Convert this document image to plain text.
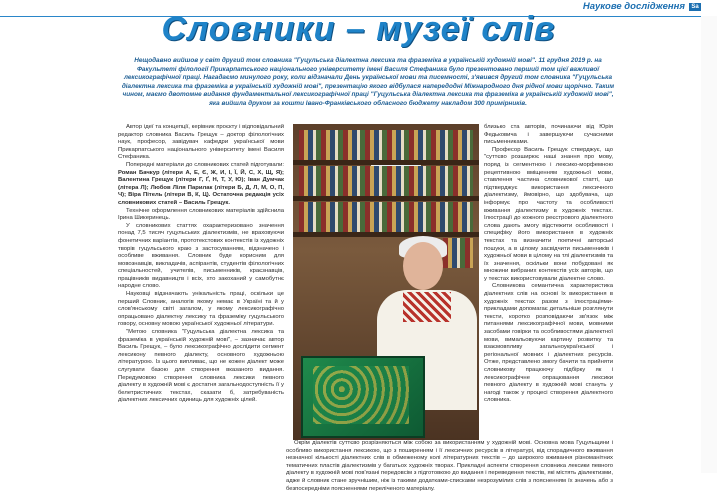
Наукове дослідження	Sa
Словники – музеї слів
Нещодавно вийшов у світ другий том словника "Гуцульська діалектна лексика та фраземіка в українській художній мові". 11 грудня 2019 р. на Факультеті філології Прикарпатського національного університету імені Василя Стефаника було презентовано перший том цієї важливої лексикографічної праці. Нагадаємо минулого року, коли відзначали День української мови та писемності, з'явився другий том словника "Гуцульська діалектна лексика та фраземіка в українській художній мові", презентацію якого відбулася напередодні Міжнародного дня рідної мови щорічно. Таким чином, маємо двотомне видання фундаментальної лексикографічної праці "Гуцульська діалектна лексика та фраземіка в українській художній мові", яка вийшла друком за кошти Івано-Франківського обласного бюджету накладом 300 примірників.

Автор ідеї та концепції, керівник проєкту і відповідальний редактор словника Василь Грещук – доктор філологічних наук, професор, завідувач кафедри української мови Прикарпатського національного університету імені Василя Стефаника.

Попередні матеріали до словникових статей підготували: Роман Бачкур (літери А, Е, Є, Ж, И, І, Ї, Й, С, Х, Щ, Я); Валентина Грещук (літери Г, Ґ, Н, Т, У, Ю); Іван Думчак (літера Л); Любов Ліля Парилак (літери Б, Д, Л, М, О, П, Ч); Віра Пітель (літери В, К, Ц). Остаточна редакція усіх словникових статей – Василь Грещук.

Технічне оформлення словникових матеріалів здійснила Ірина Шикеринець.

У словникових статтях охарактеризовано значення понад 7,5 тисяч гуцульських діалектизмів, не враховуючи фонетичних варіантів, прототекстових контекстів із художніх творів гуцульського краю з застосуванням, відзначено і особливе вживання. Словник буде корисним для мовознавців, викладачів, аспірантів, студентів філологічних спеціальностей, учителів, письменників, краєзнавців, працівників видавництв і всіх, хто закоханий у самобутнє народне слово.

Науковці відзначають унікальність праці, оскільки це перший Словник, аналогів якому немає в Україні та й у слов'янському світі загалом, у якому лексикографічно опрацьовано діалектну лексику та фраземіку гуцульського говору, основну мовою української художньої літератури.

"Метою словника "Гуцульська діалектна лексика та фраземіка в українській художній мові", – зазначає автор Василь Грещук, – було лексикографічно дослідити сегмент лексикону певного діалекту, основного художньою літературою. Із цього випливає, що не кожен діалект може слугувати базою для створення вказаного видання. Передумовою створення словника лексики певного діалекту в художній мові є достатня загальнодоступність її у белетристичних текстах, сказати б, затребуваність діалектних лексичних одиниць для художніх цілей.

близько ста авторів, починаючи від Юрія Федьковича і завершуючи сучасними письменниками.

Професор Василь Грещук стверджує, що "суттєво розширює наші знання про мову, поряд із сегментною і лексико-морфемною рецептивною вміщенням художньої мови, ставлення частина словникової статті, що підтверджує використання лексичного діалектизму, ймовірно, що здобувача, що інформує про частоту та особливості вживання діалектизму в художніх текстах. Ілюстрації до кожного реєстрового діалектного слова дають змогу відстежити особливості і специфіку його використання в художніх текстах та визначити поетичні авторські пошуки, а в цілому засвідчити письменників і художньої мови в цілому на тлі діалектизмів та їх значення, оскільки вони побудовані як множини вибраних контекстів усіх авторів, що у текстах використовували діалектне слово.

Словникова семантична характеристика діалектних слів на основі їх використання в художніх текстах разом з ілюстраціями-прикладами допомагає детальніше розглянути тексти, коротко розповідаючи зв'язок між питаннями лексикографічної мови, мовними засобами говірки та особливостями діалектної мови, вимальовуючи картину розвитку та взаємовпливу загальноукраїнської і регіональної мовних і діалектних ресурсів. Отже, представлено змогу бачити та прийняти словникову працюючу підбірку як і лексикографічне опрацювання лексики певного діалекту в художній мові стануть у нагоді також у процесі створення діалектного словника.

Окрім діалектів суттєво розрізняються між собою за використанням у художній мові. Основна мова Гуцульщини і особливо використання лексикою, що з поширенням і її лексичних ресурсів в літературі, від спорадичного вживання незначної кількості діалектних слів в обмеженому колі літературних текстів – до широкого вживання різноманітних тематичних пластів діалектизмів у багатьох художніх творах. Прикладні аспекти створення словника лексики певного діалекту в художній мові пов'язані передовсім з підготовкою до видання і переведення текстів, які містять діалектизми, адже й словник стане зручнішим, ніж із такими додатками-списками незрозумілих слів з поясненням їх значень або з безпосередніми поясненнями переліченого матеріалу.
